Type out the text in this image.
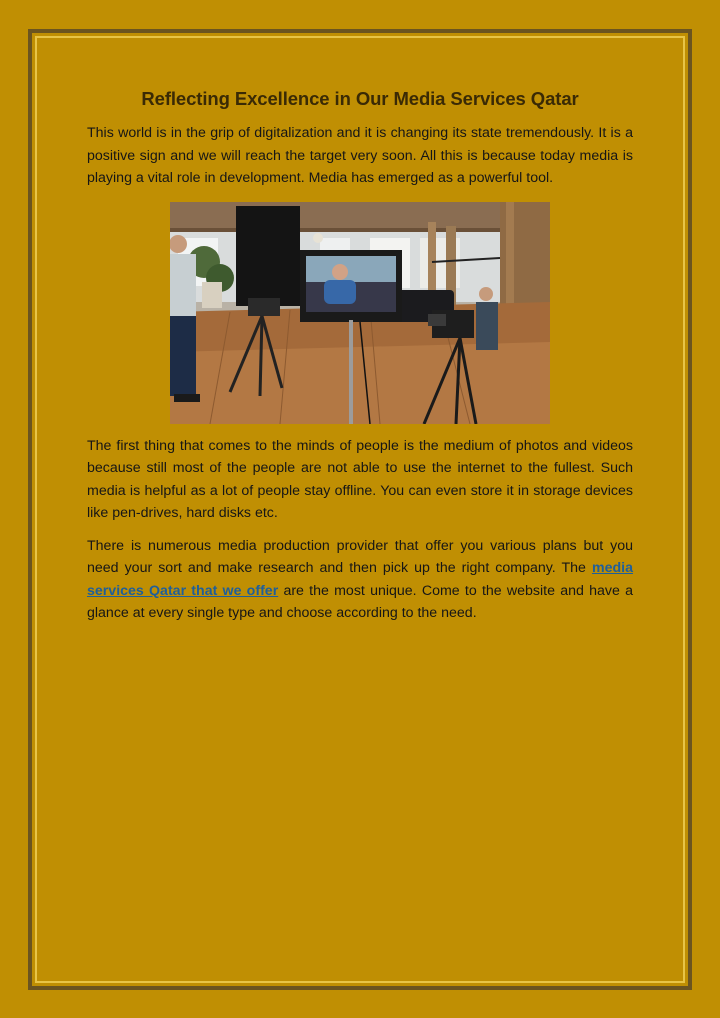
Reflecting Excellence in Our Media Services Qatar

This world is in the grip of digitalization and it is changing its state tremendously. It is a positive sign and we will reach the target very soon. All this is because today media is playing a vital role in development. Media has emerged as a powerful tool.

The first thing that comes to the minds of people is the medium of photos and videos because still most of the people are not able to use the internet to the fullest. Such media is helpful as a lot of people stay offline. You can even store it in storage devices like pen-drives, hard disks etc.

There is numerous media production provider that offer you various plans but you need your sort and make research and then pick up the right company. The media services Qatar that we offer are the most unique. Come to the website and have a glance at every single type and choose according to the need.
